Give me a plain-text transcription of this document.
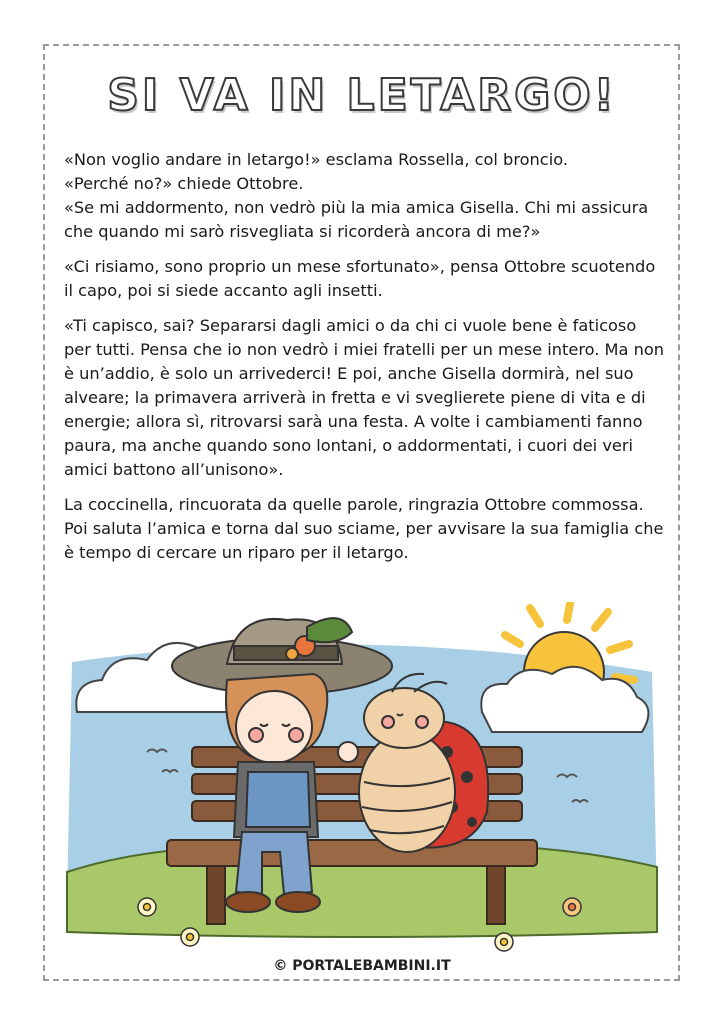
SI VA IN LETARGO!

«Non voglio andare in letargo!» esclama Rossella, col broncio.

«Perché no?» chiede Ottobre.

«Se mi addormento, non vedrò più la mia amica Gisella. Chi mi assicura che quando mi sarò risvegliata si ricorderà ancora di me?»

«Ci risiamo, sono proprio un mese sfortunato», pensa Ottobre scuotendo il capo, poi si siede accanto agli insetti.

«Ti capisco, sai? Separarsi dagli amici o da chi ci vuole bene è faticoso per tutti. Pensa che io non vedrò i miei fratelli per un mese intero. Ma non è un’addio, è solo un arrivederci! E poi, anche Gisella dormirà, nel suo alveare; la primavera arriverà in fretta e vi sveglierete piene di vita e di energie; allora sì, ritrovarsi sarà una festa. A volte i cambiamenti fanno paura, ma anche quando sono lontani, o addormentati, i cuori dei veri amici battono all’unisono».

La coccinella, rincuorata da quelle parole, ringrazia Ottobre commossa. Poi saluta l’amica e torna dal suo sciame, per avvisare la sua famiglia che è tempo di cercare un riparo per il letargo.

© PORTALEBAMBINI.IT
